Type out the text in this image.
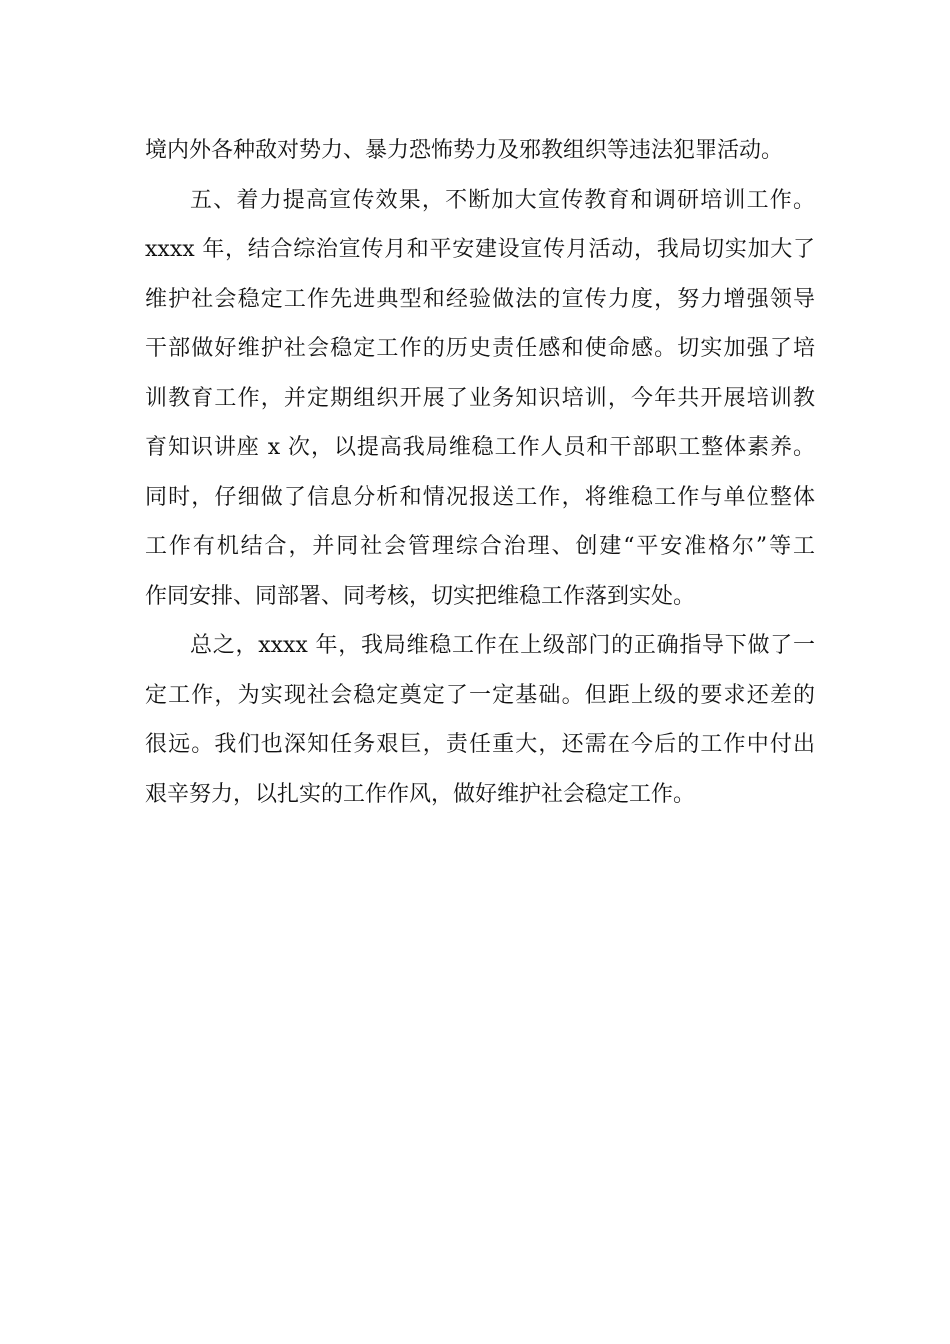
境内外各种敌对势力、暴力恐怖势力及邪教组织等违法犯罪活动。
五、着力提高宣传效果，不断加大宣传教育和调研培训工作。
xxxx 年，结合综治宣传月和平安建设宣传月活动，我局切实加大了
维护社会稳定工作先进典型和经验做法的宣传力度，努力增强领导
干部做好维护社会稳定工作的历史责任感和使命感。切实加强了培
训教育工作，并定期组织开展了业务知识培训，今年共开展培训教
育知识讲座 x 次，以提高我局维稳工作人员和干部职工整体素养。
同时，仔细做了信息分析和情况报送工作，将维稳工作与单位整体
工作有机结合，并同社会管理综合治理、创建“平安准格尔”等工
作同安排、同部署、同考核，切实把维稳工作落到实处。
总之，xxxx 年，我局维稳工作在上级部门的正确指导下做了一
定工作，为实现社会稳定奠定了一定基础。但距上级的要求还差的
很远。我们也深知任务艰巨，责任重大，还需在今后的工作中付出
艰辛努力，以扎实的工作作风，做好维护社会稳定工作。
